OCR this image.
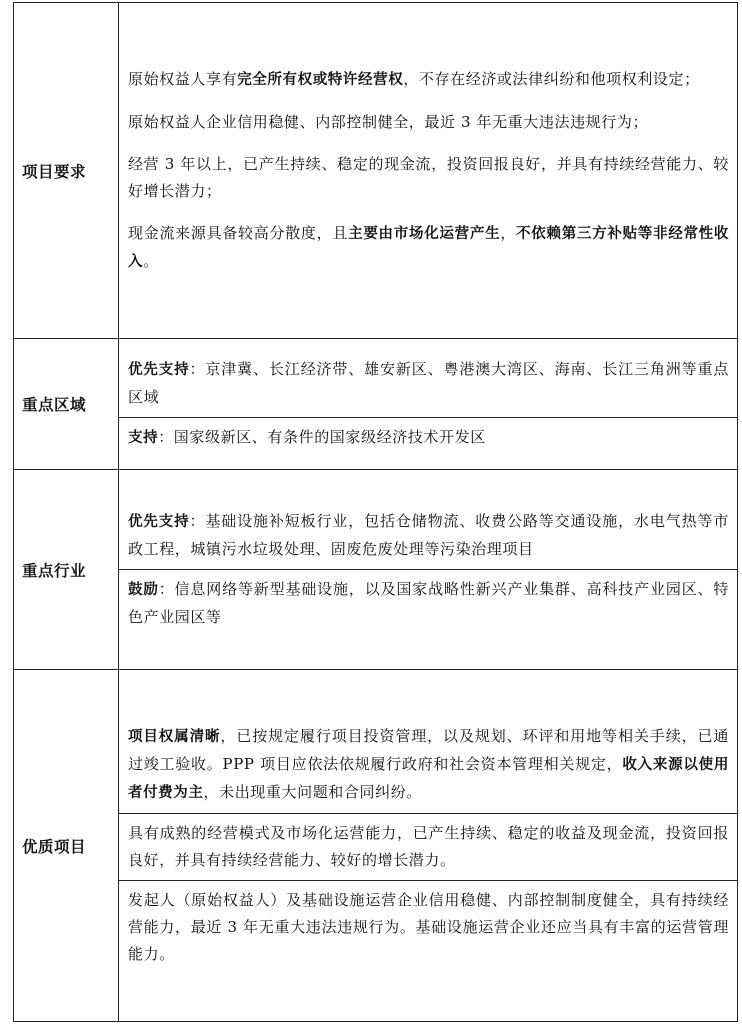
项目要求	原始权益人享有完全所有权或特许经营权，不存在经济或法律纠纷和他项权利设定；

原始权益人企业信用稳健、内部控制健全，最近 3 年无重大违法违规行为；

经营 3 年以上，已产生持续、稳定的现金流，投资回报良好，并具有持续经营能力、较好增长潜力；

现金流来源具备较高分散度，且主要由市场化运营产生，不依赖第三方补贴等非经常性收入。

重点区域	优先支持：京津冀、长江经济带、雄安新区、粤港澳大湾区、海南、长江三角洲等重点区域

支持：国家级新区、有条件的国家级经济技术开发区

重点行业	优先支持：基础设施补短板行业，包括仓储物流、收费公路等交通设施，水电气热等市政工程，城镇污水垃圾处理、固废危废处理等污染治理项目

鼓励：信息网络等新型基础设施，以及国家战略性新兴产业集群、高科技产业园区、特色产业园区等

优质项目	项目权属清晰，已按规定履行项目投资管理，以及规划、环评和用地等相关手续，已通过竣工验收。PPP 项目应依法依规履行政府和社会资本管理相关规定，收入来源以使用者付费为主，未出现重大问题和合同纠纷。

具有成熟的经营模式及市场化运营能力，已产生持续、稳定的收益及现金流，投资回报良好，并具有持续经营能力、较好的增长潜力。

发起人（原始权益人）及基础设施运营企业信用稳健、内部控制制度健全，具有持续经营能力，最近 3 年无重大违法违规行为。基础设施运营企业还应当具有丰富的运营管理能力。
